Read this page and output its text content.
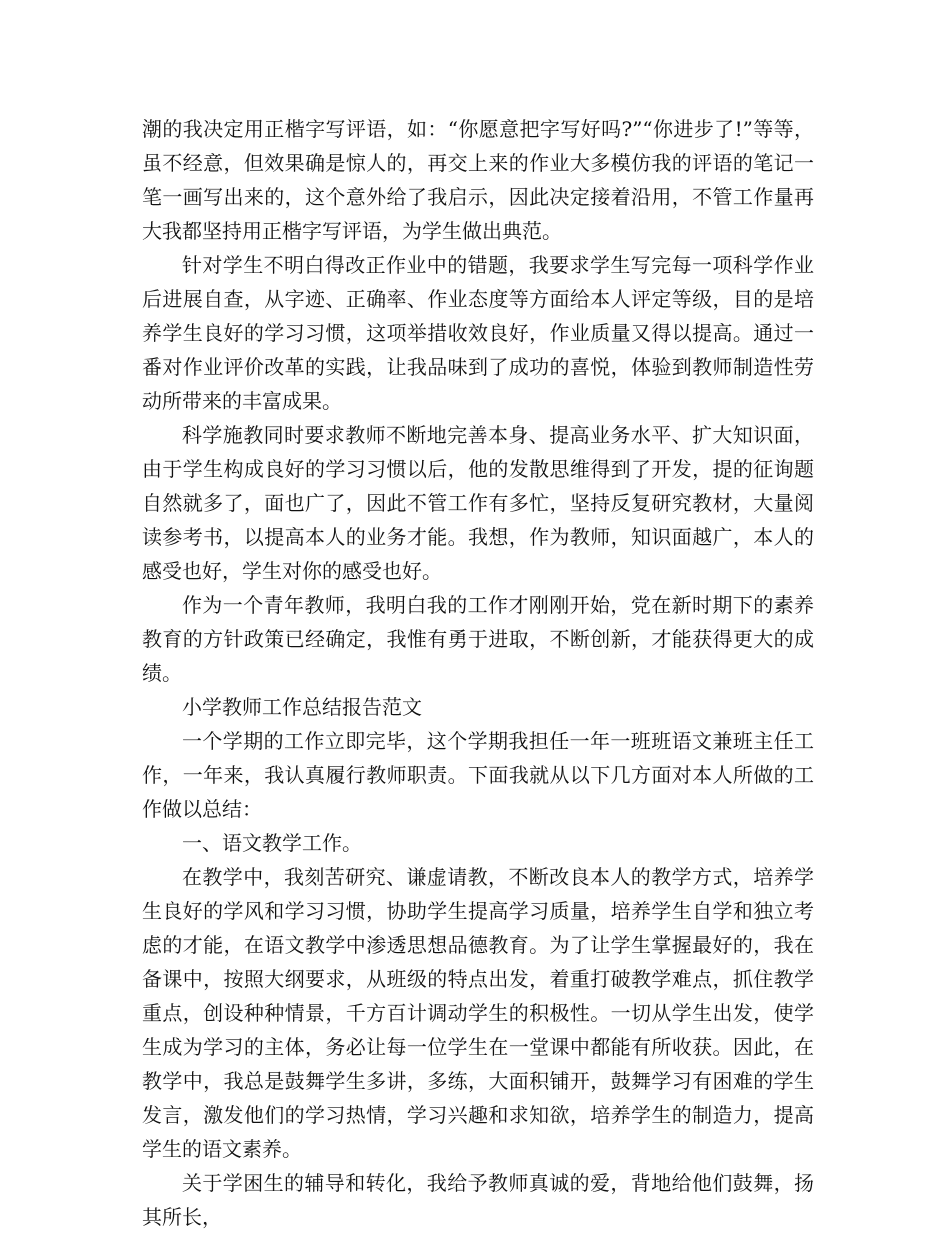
潮的我决定用正楷字写评语，如：“你愿意把字写好吗?”“你进步了!”等等，虽不经意，但效果确是惊人的，再交上来的作业大多模仿我的评语的笔记一笔一画写出来的，这个意外给了我启示，因此决定接着沿用，不管工作量再大我都坚持用正楷字写评语，为学生做出典范。

针对学生不明白得改正作业中的错题，我要求学生写完每一项科学作业后进展自查，从字迹、正确率、作业态度等方面给本人评定等级，目的是培养学生良好的学习习惯，这项举措收效良好，作业质量又得以提高。通过一番对作业评价改革的实践，让我品味到了成功的喜悦，体验到教师制造性劳动所带来的丰富成果。

科学施教同时要求教师不断地完善本身、提高业务水平、扩大知识面，由于学生构成良好的学习习惯以后，他的发散思维得到了开发，提的征询题自然就多了，面也广了，因此不管工作有多忙，坚持反复研究教材，大量阅读参考书，以提高本人的业务才能。我想，作为教师，知识面越广，本人的感受也好，学生对你的感受也好。

作为一个青年教师，我明白我的工作才刚刚开始，党在新时期下的素养教育的方针政策已经确定，我惟有勇于进取，不断创新，才能获得更大的成绩。

小学教师工作总结报告范文

一个学期的工作立即完毕，这个学期我担任一年一班班语文兼班主任工作，一年来，我认真履行教师职责。下面我就从以下几方面对本人所做的工作做以总结：

一、语文教学工作。

在教学中，我刻苦研究、谦虚请教，不断改良本人的教学方式，培养学生良好的学风和学习习惯，协助学生提高学习质量，培养学生自学和独立考虑的才能，在语文教学中渗透思想品德教育。为了让学生掌握最好的，我在备课中，按照大纲要求，从班级的特点出发，着重打破教学难点，抓住教学重点，创设种种情景，千方百计调动学生的积极性。一切从学生出发，使学生成为学习的主体，务必让每一位学生在一堂课中都能有所收获。因此，在教学中，我总是鼓舞学生多讲，多练，大面积铺开，鼓舞学习有困难的学生发言，激发他们的学习热情，学习兴趣和求知欲，培养学生的制造力，提高学生的语文素养。

关于学困生的辅导和转化，我给予教师真诚的爱，背地给他们鼓舞，扬其所长，
